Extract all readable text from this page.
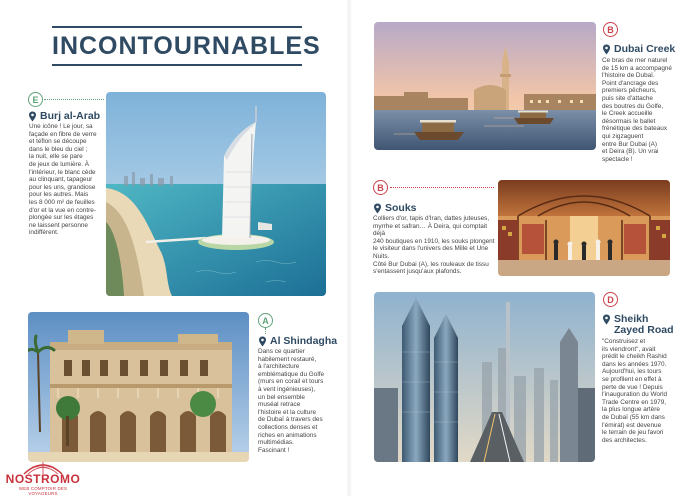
INCONTOURNABLES
E
Burj al-Arab
Une icône ! Le jour, sa
façade en fibre de verre
et téflon se découpe
dans le bleu du ciel ;
la nuit, elle se pare
de jeux de lumière. À
l'intérieur, le blanc cède
au clinquant, tapageur
pour les uns, grandiose
pour les autres. Mais
les 8 000 m² de feuilles
d'or et la vue en contre-
plongée sur les étages
ne laissent personne
indifférent.
A
Al Shindagha
Dans ce quartier
habilement restauré,
à l'architecture
emblématique du Golfe
(murs en corail et tours
à vent ingénieuses),
un bel ensemble
muséal retrace
l'histoire et la culture
de Dubaï à travers des
collections denses et
riches en animations
multimédias.
Fascinant !
B
Dubai Creek
Ce bras de mer naturel
de 15 km a accompagné
l'histoire de Dubaï.
Point d'ancrage des
premiers pêcheurs,
puis site d'attache
des boutres du Golfe,
le Creek accueille
désormais le ballet
frénétique des bateaux
qui zigzaguent
entre Bur Dubai (A)
et Deira (B). Un vrai
spectacle !
B
Souks
Colliers d'or, tapis d'Iran, dattes juteuses,
myrrhe et safran… À Deira, qui comptait déjà
240 boutiques en 1910, les souks plongent
le visiteur dans l'univers des Mille et Une Nuits.
Côté Bur Dubai (A), les rouleaux de tissu
s'entassent jusqu'aux plafonds.
D
Sheikh
Zayed Road
"Construisez et
ils viendront", avait
prédit le cheikh Rashid
dans les années 1970.
Aujourd'hui, les tours
se profilent en effet à
perte de vue ! Depuis
l'inauguration du World
Trade Centre en 1979,
la plus longue artère
de Dubaï (55 km dans
l'émirat) est devenue
le terrain de jeu favori
des architectes.
NOSTROMO
WEB COMPTOIR DES VOYAGEURS
